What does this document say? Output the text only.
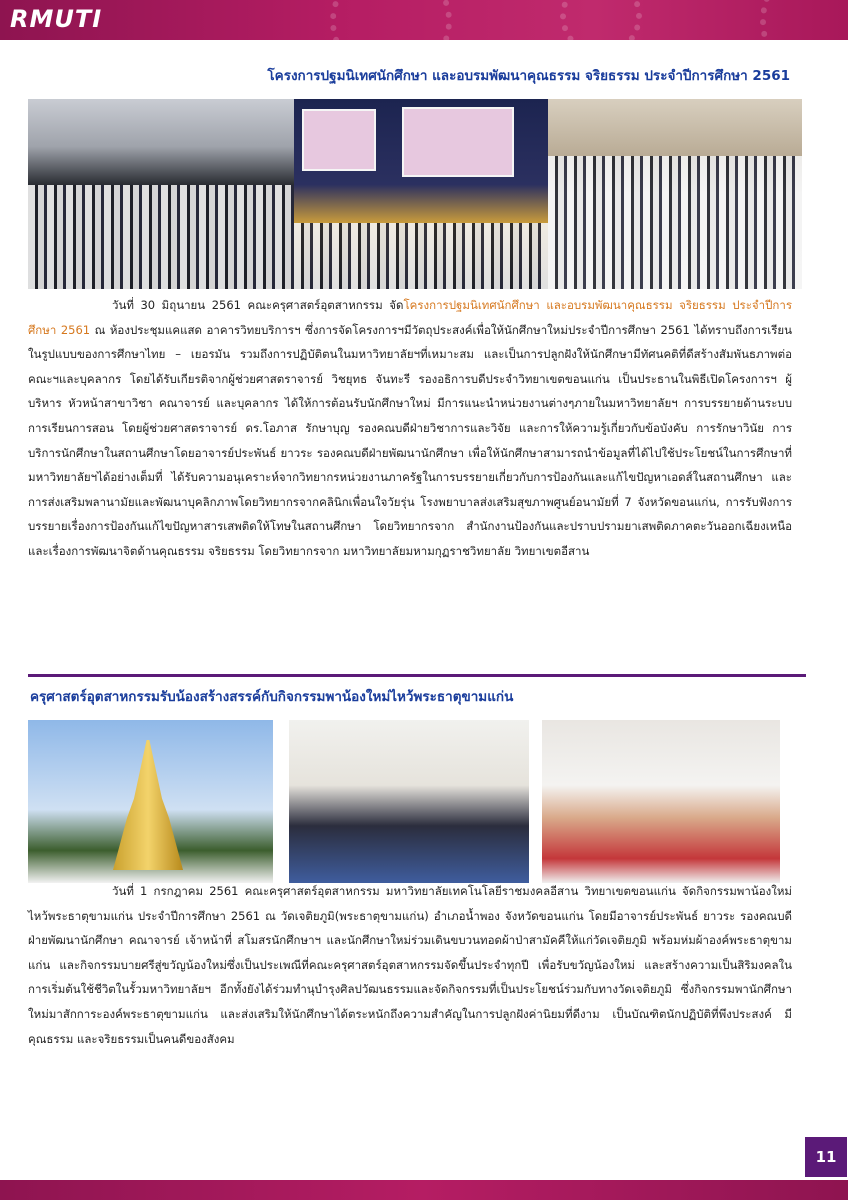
RMUTI
โครงการปฐมนิเทศนักศึกษา และอบรมพัฒนาคุณธรรม จริยธรรม ประจำปีการศึกษา 2561
วันที่ 30 มิถุนายน 2561 คณะครุศาสตร์อุตสาหกรรม จัดโครงการปฐมนิเทศนักศึกษา และอบรมพัฒนาคุณธรรม จริยธรรม ประจำปีการศึกษา 2561 ณ ห้องประชุมแคแสด อาคารวิทยบริการฯ ซึ่งการจัดโครงการฯมีวัตถุประสงค์เพื่อให้นักศึกษาใหม่ประจำปีการศึกษา 2561 ได้ทราบถึงการเรียนในรูปแบบของการศึกษาไทย – เยอรมัน รวมถึงการปฏิบัติตนในมหาวิทยาลัยฯที่เหมาะสม และเป็นการปลูกฝังให้นักศึกษามีทัศนคติที่ดีสร้างสัมพันธภาพต่อคณะฯและบุคลากร โดยได้รับเกียรติจากผู้ช่วยศาสตราจารย์ วิชยุทธ จันทะรี รองอธิการบดีประจำวิทยาเขตขอนแก่น เป็นประธานในพิธีเปิดโครงการฯ ผู้บริหาร หัวหน้าสาขาวิชา คณาจารย์ และบุคลากร ได้ให้การต้อนรับนักศึกษาใหม่ มีการแนะนำหน่วยงานต่างๆภายในมหาวิทยาลัยฯ การบรรยายด้านระบบการเรียนการสอน โดยผู้ช่วยศาสตราจารย์ ดร.โอภาส รักษาบุญ รองคณบดีฝ่ายวิชาการและวิจัย และการให้ความรู้เกี่ยวกับข้อบังคับ การรักษาวินัย การบริการนักศึกษาในสถานศึกษาโดยอาจารย์ประพันธ์ ยาวระ รองคณบดีฝ่ายพัฒนานักศึกษา เพื่อให้นักศึกษาสามารถนำข้อมูลที่ได้ไปใช้ประโยชน์ในการศึกษาที่มหาวิทยาลัยฯได้อย่างเต็มที่ ได้รับความอนุเคราะห์จากวิทยากรหน่วยงานภาครัฐในการบรรยายเกี่ยวกับการป้องกันและแก้ไขปัญหาเอดส์ในสถานศึกษา และการส่งเสริมพลานามัยและพัฒนาบุคลิกภาพโดยวิทยากรจากคลินิกเพื่อนใจวัยรุ่น โรงพยาบาลส่งเสริมสุขภาพศูนย์อนามัยที่ 7 จังหวัดขอนแก่น, การรับฟังการบรรยายเรื่องการป้องกันแก้ไขปัญหาสารเสพติดให้โทษในสถานศึกษา โดยวิทยากรจาก สำนักงานป้องกันและปราบปรามยาเสพติดภาคตะวันออกเฉียงเหนือ และเรื่องการพัฒนาจิตด้านคุณธรรม จริยธรรม โดยวิทยากรจาก มหาวิทยาลัยมหามกุฏราชวิทยาลัย วิทยาเขตอีสาน
ครุศาสตร์อุตสาหกรรมรับน้องสร้างสรรค์กับกิจกรรมพาน้องใหม่ไหว้พระธาตุขามแก่น
วันที่ 1 กรกฎาคม 2561 คณะครุศาสตร์อุตสาหกรรม มหาวิทยาลัยเทคโนโลยีราชมงคลอีสาน วิทยาเขตขอนแก่น จัดกิจกรรมพาน้องใหม่ไหว้พระธาตุขามแก่น ประจำปีการศึกษา 2561 ณ วัดเจติยภูมิ(พระธาตุขามแก่น) อำเภอน้ำพอง จังหวัดขอนแก่น โดยมีอาจารย์ประพันธ์ ยาวระ รองคณบดีฝ่ายพัฒนานักศึกษา คณาจารย์ เจ้าหน้าที่ สโมสรนักศึกษาฯ และนักศึกษาใหม่ร่วมเดินขบวนทอดผ้าป่าสามัคคีให้แก่วัดเจติยภูมิ พร้อมห่มผ้าองค์พระธาตุขามแก่น และกิจกรรมบายศรีสู่ขวัญน้องใหม่ซึ่งเป็นประเพณีที่คณะครุศาสตร์อุตสาหกรรมจัดขึ้นประจำทุกปี เพื่อรับขวัญน้องใหม่ และสร้างความเป็นสิริมงคลในการเริ่มต้นใช้ชีวิตในรั้วมหาวิทยาลัยฯ อีกทั้งยังได้ร่วมทำนุบำรุงศิลปวัฒนธรรมและจัดกิจกรรมที่เป็นประโยชน์ร่วมกับทางวัดเจติยภูมิ ซึ่งกิจกรรมพานักศึกษาใหม่มาสักการะองค์พระธาตุขามแก่น และส่งเสริมให้นักศึกษาได้ตระหนักถึงความสำคัญในการปลูกฝังค่านิยมที่ดีงาม เป็นบัณฑิตนักปฏิบัติที่พึงประสงค์ มีคุณธรรม และจริยธรรมเป็นคนดีของสังคม
11
